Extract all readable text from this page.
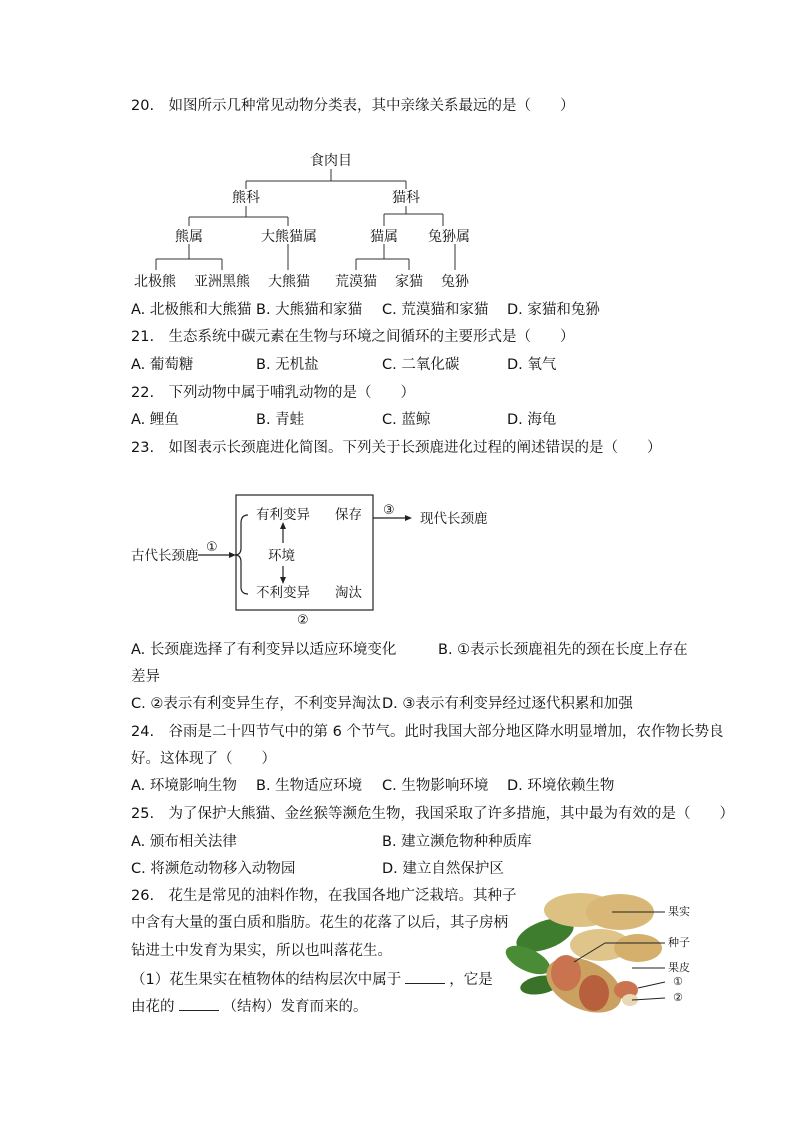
20.　如图所示几种常见动物分类表，其中亲缘关系最远的是（　　）
食肉目
熊科	猫科
熊属	大熊猫属	猫属 兔狲属
北极熊 亚洲黑熊 大熊猫 荒漠猫 家猫 兔狲
A. 北极熊和大熊猫 B. 大熊猫和家猫 C. 荒漠猫和家猫 D. 家猫和兔狲
21.　生态系统中碳元素在生物与环境之间循环的主要形式是（　　）
A. 葡萄糖	B. 无机盐	C. 二氧化碳	D. 氧气
22.　下列动物中属于哺乳动物的是（　　）
A. 鲤鱼	B. 青蛙	C. 蓝鲸	D. 海龟
23.　如图表示长颈鹿进化简图。下列关于长颈鹿进化过程的阐述错误的是（　　）
古代长颈鹿
①
有利变异 保存
环境
不利变异 淘汰
③
现代长颈鹿
②
A. 长颈鹿选择了有利变异以适应环境变化	B. ①表示长颈鹿祖先的颈在长度上存在
差异
C. ②表示有利变异生存，不利变异淘汰 D. ③表示有利变异经过逐代积累和加强
24.　谷雨是二十四节气中的第 6 个节气。此时我国大部分地区降水明显增加，农作物长势良
好。这体现了（　　）
A. 环境影响生物 B. 生物适应环境 C. 生物影响环境 D. 环境依赖生物
25.　为了保护大熊猫、金丝猴等濒危生物，我国采取了许多措施，其中最为有效的是（　　）
A. 颁布相关法律	B. 建立濒危物种种质库
C. 将濒危动物移入动物园	D. 建立自然保护区
26.　花生是常见的油料作物，在我国各地广泛栽培。其种子
中含有大量的蛋白质和脂肪。花生的花落了以后，其子房柄
钻进土中发育为果实，所以也叫落花生。
（1）花生果实在植物体的结构层次中属于	，它是
由花的	（结构）发育而来的。
果实
种子
果皮
①
②
